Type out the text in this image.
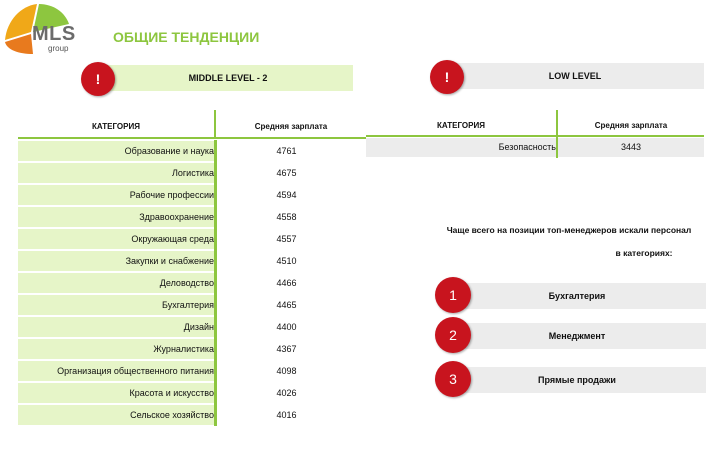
MLS
group
ОБЩИЕ ТЕНДЕНЦИИ
MIDDLE LEVEL - 2
!	LOW LEVEL
!
КАТЕГОРИЯ	Средняя зарплата
Образование и наука	4761
Логистика	4675
Рабочие профессии	4594
Здравоохранение	4558
Окружающая среда	4557
Закупки и снабжение	4510
Деловодство	4466
Бухгалтерия	4465
Дизайн	4400
Журналистика	4367
Организация общественного питания	4098
Красота и искусство	4026
Сельское хозяйство	4016
КАТЕГОРИЯ	Средняя зарплата
Безопасность	3443
Чаще всего на позиции топ-менеджеров искали персонал
в категориях:
Бухгалтерия
1
Менеджмент
2
Прямые продажи
3
